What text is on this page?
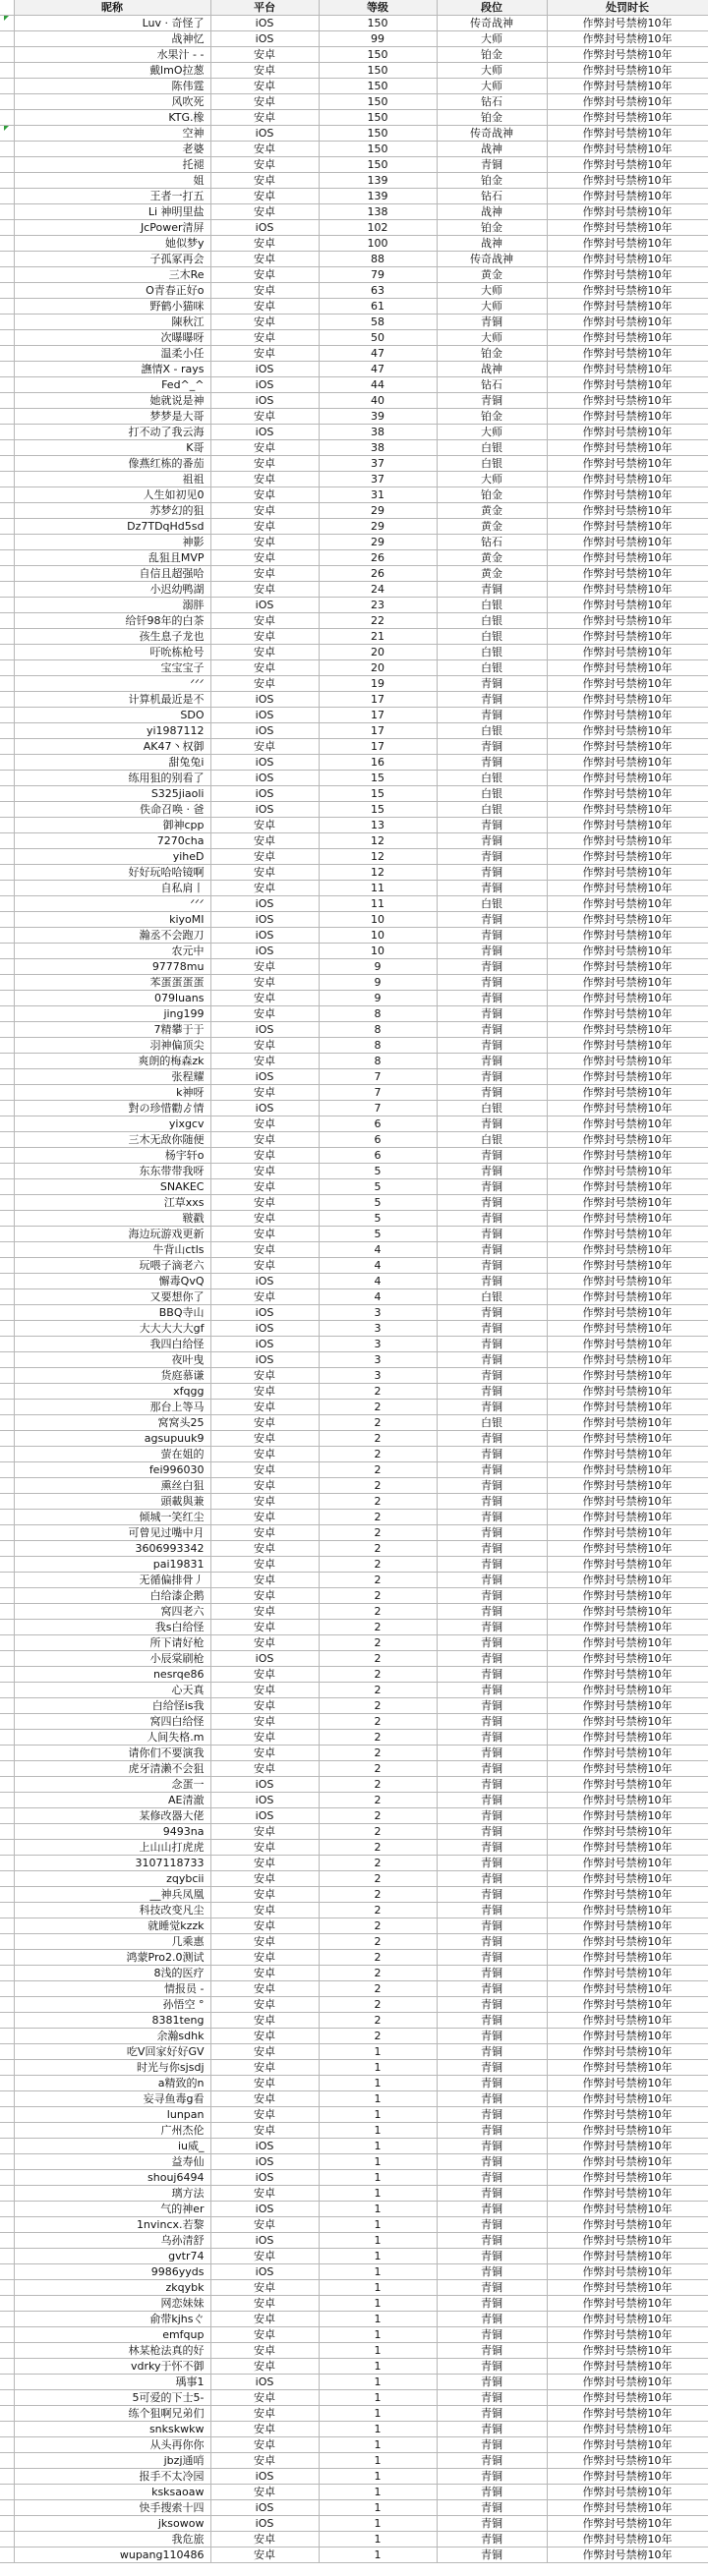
	昵称	平台	等级	段位	处罚时长
	Luv · 奇怪了	iOS	150	传奇战神	作弊封号禁榜10年
	战神忆	iOS	99	大师	作弊封号禁榜10年
	水果汁 - -	安卓	150	铂金	作弊封号禁榜10年
	戴lmO拉葱	安卓	150	大师	作弊封号禁榜10年
	陈伟霆	安卓	150	大师	作弊封号禁榜10年
	风吹死	安卓	150	钻石	作弊封号禁榜10年
	KTG.橡	安卓	150	铂金	作弊封号禁榜10年
	空神	iOS	150	传奇战神	作弊封号禁榜10年
	老婆	安卓	150	战神	作弊封号禁榜10年
	托褪	安卓	150	青铜	作弊封号禁榜10年
	姐	安卓	139	铂金	作弊封号禁榜10年
	王者一打五	安卓	139	钻石	作弊封号禁榜10年
	Li 神明里盐	安卓	138	战神	作弊封号禁榜10年
	JcPower清屏	iOS	102	铂金	作弊封号禁榜10年
	她似梦y	安卓	100	战神	作弊封号禁榜10年
	子孤冢再会	安卓	88	传奇战神	作弊封号禁榜10年
	三木Re	安卓	79	黄金	作弊封号禁榜10年
	O青春正好o	安卓	63	大师	作弊封号禁榜10年
	野鹤小猫咪	安卓	61	大师	作弊封号禁榜10年
	陳秋江	安卓	58	青铜	作弊封号禁榜10年
	次曝曝呀	安卓	50	大师	作弊封号禁榜10年
	温柔小任	安卓	47	铂金	作弊封号禁榜10年
	譕情X - rays	iOS	47	战神	作弊封号禁榜10年
	Fed^_^	iOS	44	钻石	作弊封号禁榜10年
	她就说是神	iOS	40	青铜	作弊封号禁榜10年
	梦梦是大哥	安卓	39	铂金	作弊封号禁榜10年
	打不动了我云海	iOS	38	大师	作弊封号禁榜10年
	K哥	安卓	38	白银	作弊封号禁榜10年
	像燕红栋的番茄	安卓	37	白银	作弊封号禁榜10年
	祖祖	安卓	37	大师	作弊封号禁榜10年
	人生如初见0	安卓	31	铂金	作弊封号禁榜10年
	苏梦幻的狙	安卓	29	黄金	作弊封号禁榜10年
	Dz7TDqHd5sd	安卓	29	黄金	作弊封号禁榜10年
	神影	安卓	29	钻石	作弊封号禁榜10年
	乱狙且MVP	安卓	26	黄金	作弊封号禁榜10年
	自信且超强哈	安卓	26	黄金	作弊封号禁榜10年
	小迟幼鸭湖	安卓	24	青铜	作弊封号禁榜10年
	溺胖	iOS	23	白银	作弊封号禁榜10年
	给钎98年的白茶	安卓	22	白银	作弊封号禁榜10年
	孩生息子龙也	安卓	21	白银	作弊封号禁榜10年
	吁吮栋枪号	安卓	20	白银	作弊封号禁榜10年
	宝宝宝子	安卓	20	白银	作弊封号禁榜10年
	ᐟᐟᐟ	安卓	19	青铜	作弊封号禁榜10年
	计算机最近是不	iOS	17	青铜	作弊封号禁榜10年
	SDO	iOS	17	青铜	作弊封号禁榜10年
	yi1987112	iOS	17	白银	作弊封号禁榜10年
	AK47丶权御	安卓	17	青铜	作弊封号禁榜10年
	甜兔兔i	iOS	16	青铜	作弊封号禁榜10年
	练用狙的别看了	iOS	15	白银	作弊封号禁榜10年
	S325jiaoli	iOS	15	白银	作弊封号禁榜10年
	佚命召唤 · 爸	iOS	15	白银	作弊封号禁榜10年
	御神cpp	安卓	13	青铜	作弊封号禁榜10年
	7270cha	安卓	12	青铜	作弊封号禁榜10年
	yiheD	安卓	12	青铜	作弊封号禁榜10年
	好好玩哈哈镜啊	安卓	12	青铜	作弊封号禁榜10年
	自私肩丨	安卓	11	青铜	作弊封号禁榜10年
	ᐟᐟᐟ	iOS	11	白银	作弊封号禁榜10年
	kiyoMI	iOS	10	青铜	作弊封号禁榜10年
	瀚丞不会跑刀	iOS	10	青铜	作弊封号禁榜10年
	农元中	iOS	10	青铜	作弊封号禁榜10年
	97778mu	安卓	9	青铜	作弊封号禁榜10年
	苯蛋蛋蛋蛋	安卓	9	青铜	作弊封号禁榜10年
	079luans	安卓	9	青铜	作弊封号禁榜10年
	jing199	安卓	8	青铜	作弊封号禁榜10年
	7精攀于于	iOS	8	青铜	作弊封号禁榜10年
	羽神偏顶尖	安卓	8	青铜	作弊封号禁榜10年
	爽朗的梅森zk	安卓	8	青铜	作弊封号禁榜10年
	张程耀	iOS	7	青铜	作弊封号禁榜10年
	k神呀	安卓	7	青铜	作弊封号禁榜10年
	對の珍惜勸ゟ情	iOS	7	白银	作弊封号禁榜10年
	yixgcv	安卓	6	青铜	作弊封号禁榜10年
	三木无敌你随便	安卓	6	白银	作弊封号禁榜10年
	杨宇轩o	安卓	6	青铜	作弊封号禁榜10年
	东东带带我呀	安卓	5	青铜	作弊封号禁榜10年
	SNAKEC	安卓	5	青铜	作弊封号禁榜10年
	江草xxs	安卓	5	青铜	作弊封号禁榜10年
	皲戳	安卓	5	青铜	作弊封号禁榜10年
	海边玩游戏更新	安卓	5	青铜	作弊封号禁榜10年
	牛背山ctls	安卓	4	青铜	作弊封号禁榜10年
	玩喂子滴老六	安卓	4	青铜	作弊封号禁榜10年
	懈毒QvQ	iOS	4	青铜	作弊封号禁榜10年
	又要想你了	安卓	4	白银	作弊封号禁榜10年
	BBQ寺山	iOS	3	青铜	作弊封号禁榜10年
	大大大大大gf	iOS	3	青铜	作弊封号禁榜10年
	我四白给怪	iOS	3	青铜	作弊封号禁榜10年
	夜叶曳	iOS	3	青铜	作弊封号禁榜10年
	货庭慕谦	安卓	3	青铜	作弊封号禁榜10年
	xfqgg	安卓	2	青铜	作弊封号禁榜10年
	那台上等马	安卓	2	青铜	作弊封号禁榜10年
	窝窝头25	安卓	2	白银	作弊封号禁榜10年
	agsupuuk9	安卓	2	青铜	作弊封号禁榜10年
	萤在姐的	安卓	2	青铜	作弊封号禁榜10年
	fei996030	安卓	2	青铜	作弊封号禁榜10年
	熏丝白狙	安卓	2	青铜	作弊封号禁榜10年
	頭載與兼	安卓	2	青铜	作弊封号禁榜10年
	倾城一笑红尘	安卓	2	青铜	作弊封号禁榜10年
	可曾见过嘴中月	安卓	2	青铜	作弊封号禁榜10年
	3606993342	安卓	2	青铜	作弊封号禁榜10年
	pai19831	安卓	2	青铜	作弊封号禁榜10年
	无循偏排骨丿	安卓	2	青铜	作弊封号禁榜10年
	白给漆企鹅	安卓	2	青铜	作弊封号禁榜10年
	窝四老六	安卓	2	青铜	作弊封号禁榜10年
	我s白给怪	安卓	2	青铜	作弊封号禁榜10年
	所下请好枪	安卓	2	青铜	作弊封号禁榜10年
	小辰棠刷枪	iOS	2	青铜	作弊封号禁榜10年
	nesrqe86	安卓	2	青铜	作弊封号禁榜10年
	心天真	安卓	2	青铜	作弊封号禁榜10年
	白给怪is我	安卓	2	青铜	作弊封号禁榜10年
	窝四白给怪	安卓	2	青铜	作弊封号禁榜10年
	人间失格.m	安卓	2	青铜	作弊封号禁榜10年
	请你们不要演我	安卓	2	青铜	作弊封号禁榜10年
	虎牙清濑不会狙	安卓	2	青铜	作弊封号禁榜10年
	念蛋一	iOS	2	青铜	作弊封号禁榜10年
	AE清澈	iOS	2	青铜	作弊封号禁榜10年
	某修改器大佬	iOS	2	青铜	作弊封号禁榜10年
	9493na	安卓	2	青铜	作弊封号禁榜10年
	上山山打虎虎	安卓	2	青铜	作弊封号禁榜10年
	3107118733	安卓	2	青铜	作弊封号禁榜10年
	zqybcii	安卓	2	青铜	作弊封号禁榜10年
	__神兵凤凰	安卓	2	青铜	作弊封号禁榜10年
	科技改变凡尘	安卓	2	青铜	作弊封号禁榜10年
	就睡觉kzzk	安卓	2	青铜	作弊封号禁榜10年
	几乘惠	安卓	2	青铜	作弊封号禁榜10年
	鸿蒙Pro2.0测试	安卓	2	青铜	作弊封号禁榜10年
	8浅的医疗	安卓	2	青铜	作弊封号禁榜10年
	情报员 -	安卓	2	青铜	作弊封号禁榜10年
	孙悟空 °	安卓	2	青铜	作弊封号禁榜10年
	8381teng	安卓	2	青铜	作弊封号禁榜10年
	余瀚sdhk	安卓	2	青铜	作弊封号禁榜10年
	吃V回家好好GV	安卓	1	青铜	作弊封号禁榜10年
	时光与你sjsdj	安卓	1	青铜	作弊封号禁榜10年
	a精致的n	安卓	1	青铜	作弊封号禁榜10年
	妄寻鱼毒g看	安卓	1	青铜	作弊封号禁榜10年
	lunpan	安卓	1	青铜	作弊封号禁榜10年
	广州杰伦	安卓	1	青铜	作弊封号禁榜10年
	iu威_	iOS	1	青铜	作弊封号禁榜10年
	益寿仙	iOS	1	青铜	作弊封号禁榜10年
	shouj6494	iOS	1	青铜	作弊封号禁榜10年
	璃方法	安卓	1	青铜	作弊封号禁榜10年
	气的神er	iOS	1	青铜	作弊封号禁榜10年
	1nvincx.若黎	安卓	1	青铜	作弊封号禁榜10年
	乌孙清舒	iOS	1	青铜	作弊封号禁榜10年
	gvtr74	安卓	1	青铜	作弊封号禁榜10年
	9986yyds	iOS	1	青铜	作弊封号禁榜10年
	zkqybk	安卓	1	青铜	作弊封号禁榜10年
	网恋妹妹	安卓	1	青铜	作弊封号禁榜10年
	俞带kjhsぐ	安卓	1	青铜	作弊封号禁榜10年
	emfqup	安卓	1	青铜	作弊封号禁榜10年
	林某枪法真的好	安卓	1	青铜	作弊封号禁榜10年
	vdrky于怀不御	安卓	1	青铜	作弊封号禁榜10年
	瑀事1	iOS	1	青铜	作弊封号禁榜10年
	5可爱的下士5-	安卓	1	青铜	作弊封号禁榜10年
	练个狙啊兄弟们	安卓	1	青铜	作弊封号禁榜10年
	snkskwkw	安卓	1	青铜	作弊封号禁榜10年
	从头再你你	安卓	1	青铜	作弊封号禁榜10年
	jbzj通哨	安卓	1	青铜	作弊封号禁榜10年
	报手不太冷园	iOS	1	青铜	作弊封号禁榜10年
	ksksaoaw	安卓	1	青铜	作弊封号禁榜10年
	快手搜索十四	iOS	1	青铜	作弊封号禁榜10年
	jksowow	iOS	1	青铜	作弊封号禁榜10年
	我危旅	安卓	1	青铜	作弊封号禁榜10年
	wupang110486	安卓	1	青铜	作弊封号禁榜10年
